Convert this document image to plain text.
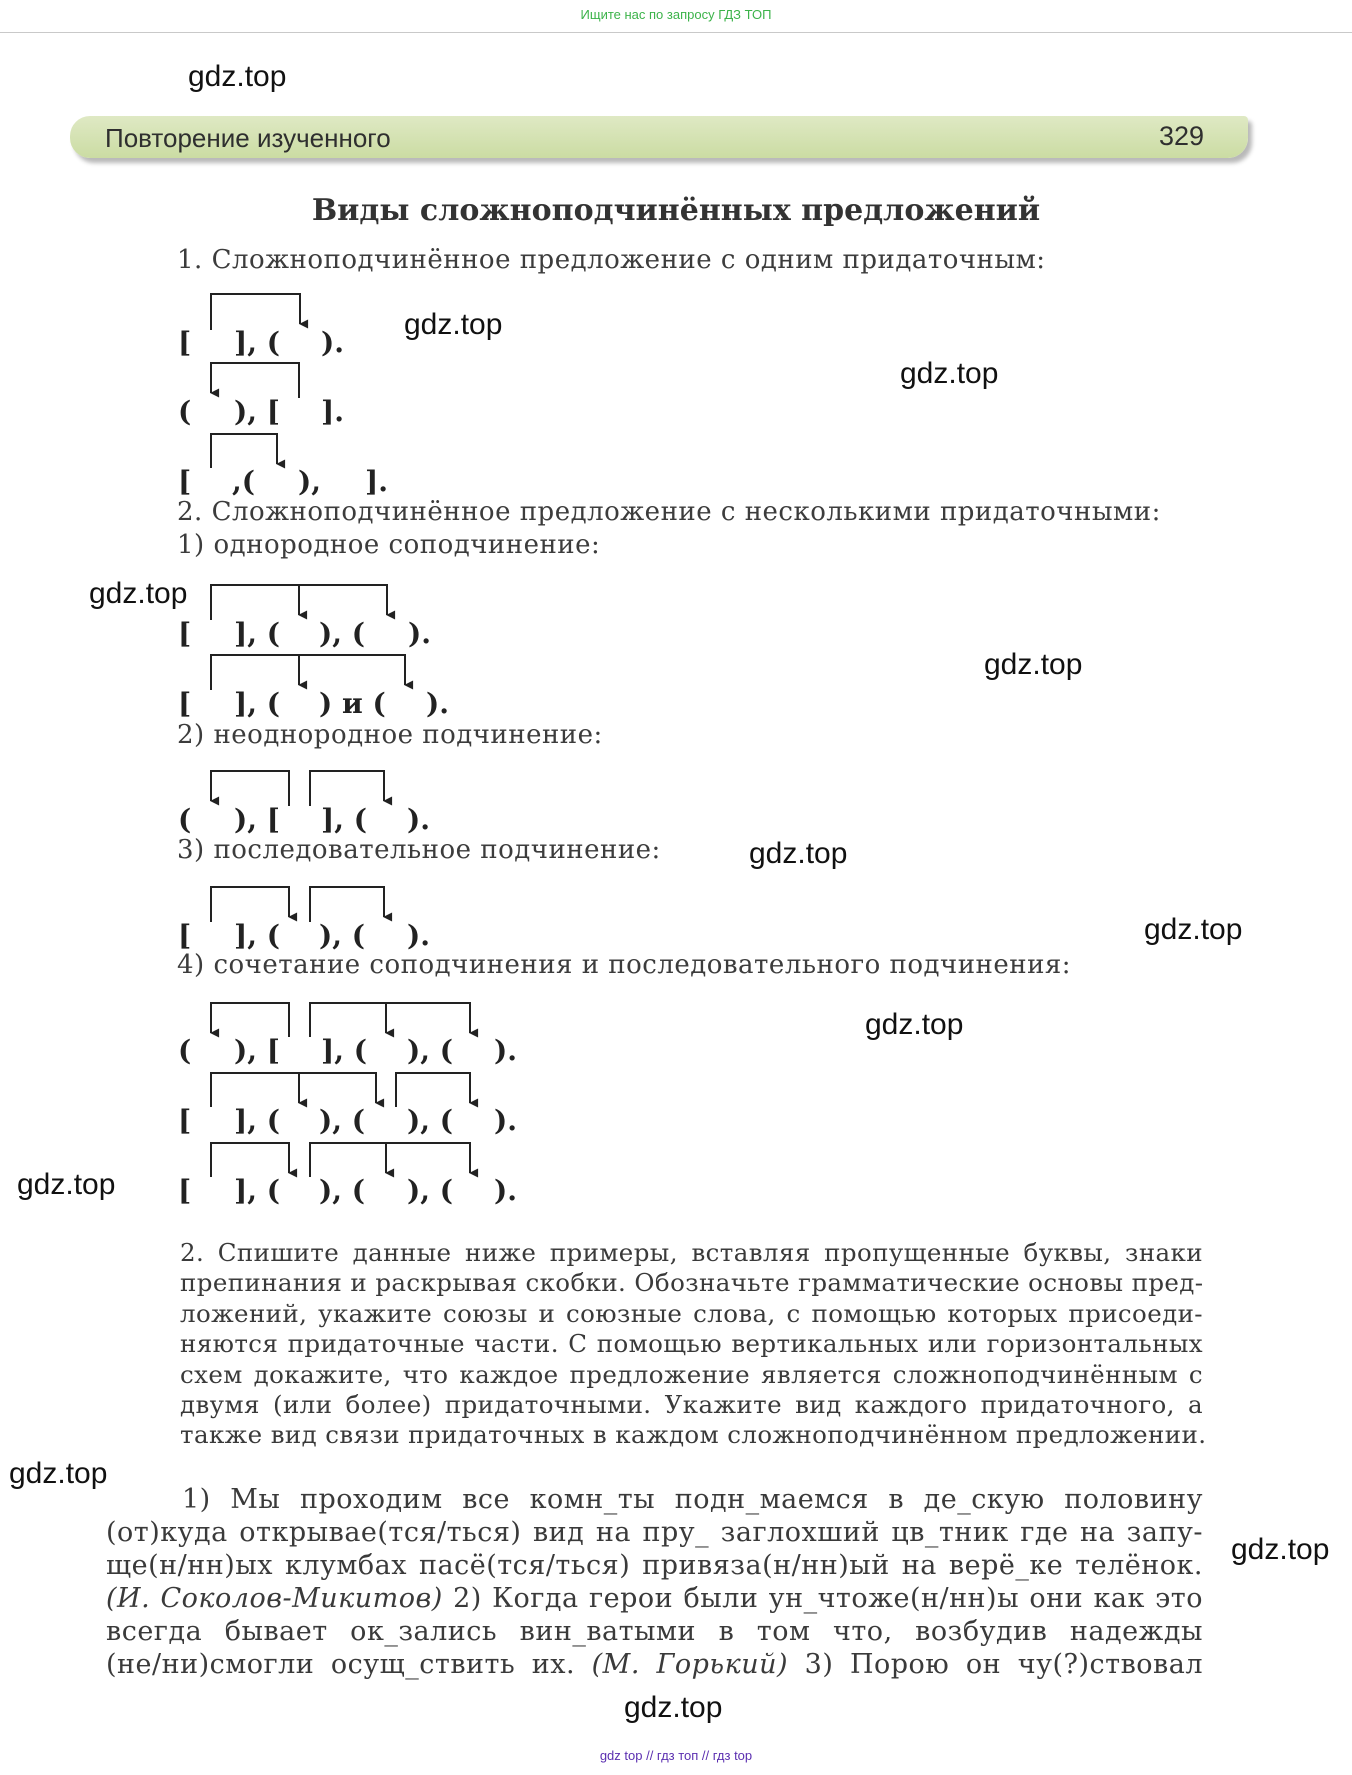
Ищите нас по запросу ГДЗ ТОП
Повторение изученного	329
Виды сложноподчинённых предложений
1. Сложноподчинённое предложение с одним придаточным:
2. Сложноподчинённое предложение с несколькими придаточными:
1) однородное соподчинение:
2) неоднородное подчинение:
3) последовательное подчинение:
4) сочетание соподчинения и последовательного подчинения:
[ ], ( ).
( ), [ ].
[ ,( ), ].
[ ], ( ), ( ).
[ ], ( ) и ( ).
( ), [ ], ( ).
[ ], ( ), ( ).
( ), [ ], ( ), ( ).
[ ], ( ), ( ), ( ).
[ ], ( ), ( ), ( ).
2. Спишите данные ниже примеры, вставляя пропущенные буквы, знаки
препинания и раскрывая скобки. Обозначьте грамматические основы пред-
ложений, укажите союзы и союзные слова, с помощью которых присоеди-
няются придаточные части. С помощью вертикальных или горизонтальных
схем докажите, что каждое предложение является сложноподчинённым с
двумя (или более) придаточными. Укажите вид каждого придаточного, а
также вид связи придаточных в каждом сложноподчинённом предложении.
1) Мы проходим все комн_ты подн_маемся в де_скую половину
(от)куда открывае(тся/ться) вид на пру_ заглохший цв_тник где на запу-
ще(н/нн)ых клумбах пасё(тся/ться) привяза(н/нн)ый на верё_ке телёнок.
(И. Соколов-Микитов) 2) Когда герои были ун_чтоже(н/нн)ы они как это
всегда бывает ок_зались вин_ватыми в том что, возбудив надежды
(не/ни)смогли осущ_ствить их. (М. Горький) 3) Порою он чу(?)ствовал
gdz.top
gdz.top
gdz.top
gdz.top
gdz.top
gdz.top
gdz.top
gdz.top
gdz.top
gdz.top
gdz.top
gdz.top
gdz top // гдз топ // гдз top
